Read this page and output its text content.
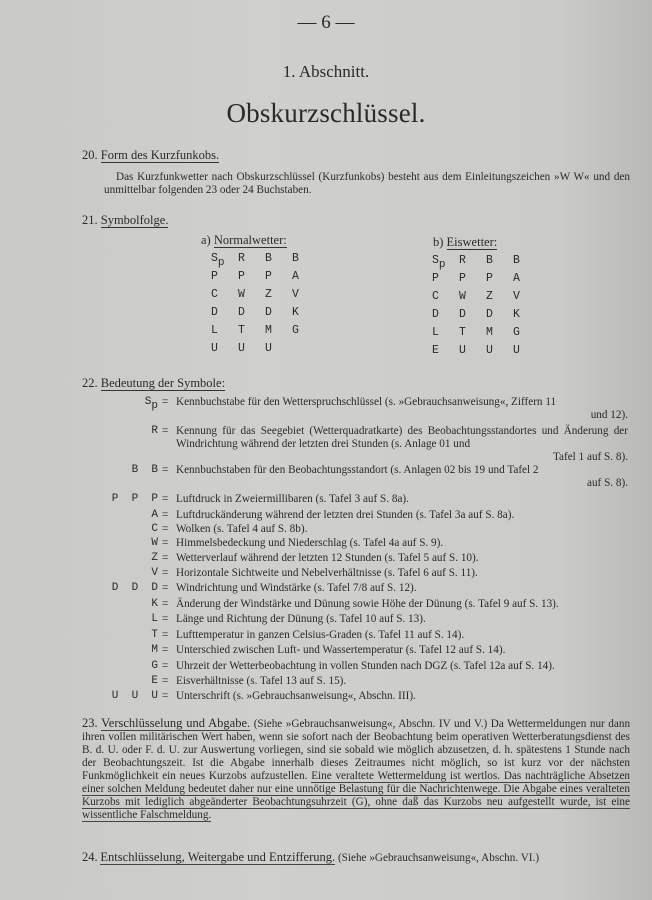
— 6 —
1. Abschnitt.
Obskurzschlüssel.
20. Form des Kurzfunkobs.
Das Kurzfunkwetter nach Obskurzschlüssel (Kurzfunkobs) besteht aus dem Einleitungszeichen »W W« und den unmittelbar folgenden 23 oder 24 Buchstaben.
21. Symbolfolge.
a) Normalwetter:
$S_p$	R	B	B
P	P	P	A
C	W	Z	V
D	D	D	K
L	T	M	G
U	U	U
b) Eiswetter:
$S_p$	R	B	B
P	P	P	A
C	W	Z	V
D	D	D	K
L	T	M	G
E	U	U	U
22. Bedeutung der Symbole:
$S_p$ = Kennbuchstabe für den Wetterspruchschlüssel (s. »Gebrauchsanweisung«, Ziffern 11
und 12).
R = Kennung für das Seegebiet (Wetterquadratkarte) des Beobachtungsstandortes und Änderung der Windrichtung während der letzten drei Stunden (s. Anlage 01 und
Tafel 1 auf S. 8).
B  B = Kennbuchstaben für den Beobachtungsstandort (s. Anlagen 02 bis 19 und Tafel 2
auf S. 8).
P  P  P = Luftdruck in Zweiermillibaren (s. Tafel 3 auf S. 8a).
A = Luftdruckänderung während der letzten drei Stunden (s. Tafel 3a auf S. 8a).
C = Wolken (s. Tafel 4 auf S. 8b).
W = Himmelsbedeckung und Niederschlag (s. Tafel 4a auf S. 9).
Z = Wetterverlauf während der letzten 12 Stunden (s. Tafel 5 auf S. 10).
V = Horizontale Sichtweite und Nebelverhältnisse (s. Tafel 6 auf S. 11).
D  D  D = Windrichtung und Windstärke (s. Tafel 7/8 auf S. 12).
K = Änderung der Windstärke und Dünung sowie Höhe der Dünung (s. Tafel 9 auf S. 13).
L = Länge und Richtung der Dünung (s. Tafel 10 auf S. 13).
T = Lufttemperatur in ganzen Celsius-Graden (s. Tafel 11 auf S. 14).
M = Unterschied zwischen Luft- und Wassertemperatur (s. Tafel 12 auf S. 14).
G = Uhrzeit der Wetterbeobachtung in vollen Stunden nach DGZ (s. Tafel 12a auf S. 14).
E = Eisverhältnisse (s. Tafel 13 auf S. 15).
U  U  U = Unterschrift (s. »Gebrauchsanweisung«, Abschn. III).
23. Verschlüsselung und Abgabe. (Siehe »Gebrauchsanweisung«, Abschn. IV und V.) Da Wettermeldungen nur dann ihren vollen militärischen Wert haben, wenn sie sofort nach der Beobachtung beim operativen Wetterberatungsdienst des B. d. U. oder F. d. U. zur Auswertung vorliegen, sind sie sobald wie möglich abzusetzen, d. h. spätestens 1 Stunde nach der Beobachtungszeit. Ist die Abgabe innerhalb dieses Zeitraumes nicht möglich, so ist kurz vor der nächsten Funkmöglichkeit ein neues Kurzobs aufzustellen. Eine veraltete Wettermeldung ist wertlos. Das nachträgliche Absetzen einer solchen Meldung bedeutet daher nur eine unnötige Belastung für die Nachrichtenwege. Die Abgabe eines veralteten Kurzobs mit lediglich abgeänderter Beobachtungsuhrzeit (G), ohne daß das Kurzobs neu aufgestellt wurde, ist eine wissentliche Falschmeldung.
24. Entschlüsselung, Weitergabe und Entzifferung. (Siehe »Gebrauchsanweisung«, Abschn. VI.)
